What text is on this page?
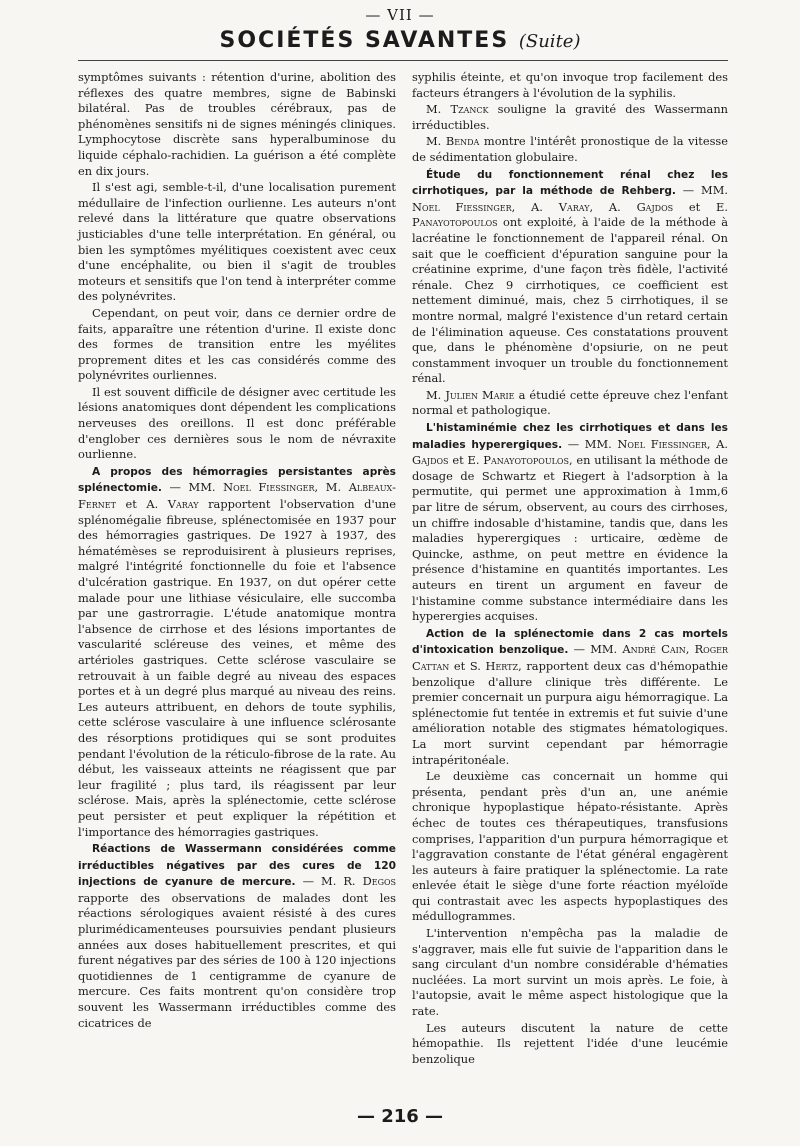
— VII —
SOCIÉTÉS SAVANTES (Suite)

symptômes suivants : rétention d'urine, abolition des réflexes des quatre membres, signe de Babinski bilatéral. Pas de troubles cérébraux, pas de phénomènes sensitifs ni de signes méningés cliniques. Lymphocytose discrète sans hyperalbuminose du liquide céphalo-rachidien. La guérison a été complète en dix jours.

Il s'est agi, semble-t-il, d'une localisation purement médullaire de l'infection ourlienne. Les auteurs n'ont relevé dans la littérature que quatre observations justiciables d'une telle interprétation. En général, ou bien les symptômes myélitiques coexistent avec ceux d'une encéphalite, ou bien il s'agit de troubles moteurs et sensitifs que l'on tend à interpréter comme des polynévrites.

Cependant, on peut voir, dans ce dernier ordre de faits, apparaître une rétention d'urine. Il existe donc des formes de transition entre les myélites proprement dites et les cas considérés comme des polynévrites ourliennes.

Il est souvent difficile de désigner avec certitude les lésions anatomiques dont dépendent les complications nerveuses des oreillons. Il est donc préférable d'englober ces dernières sous le nom de névraxite ourlienne.

A propos des hémorragies persistantes après splénectomie. — MM. Noel Fiessinger, M. Albeaux-Fernet et A. Varay rapportent l'observation d'une splénomégalie fibreuse, splénectomisée en 1937 pour des hémorragies gastriques. De 1927 à 1937, des hématémèses se reproduisirent à plusieurs reprises, malgré l'intégrité fonctionnelle du foie et l'absence d'ulcération gastrique. En 1937, on dut opérer cette malade pour une lithiase vésiculaire, elle succomba par une gastrorragie. L'étude anatomique montra l'absence de cirrhose et des lésions importantes de vascularité scléreuse des veines, et même des artérioles gastriques. Cette sclérose vasculaire se retrouvait à un faible degré au niveau des espaces portes et à un degré plus marqué au niveau des reins. Les auteurs attribuent, en dehors de toute syphilis, cette sclérose vasculaire à une influence sclérosante des résorptions protidiques qui se sont produites pendant l'évolution de la réticulo-fibrose de la rate. Au début, les vaisseaux atteints ne réagissent que par leur fragilité ; plus tard, ils réagissent par leur sclérose. Mais, après la splénectomie, cette sclérose peut persister et peut expliquer la répétition et l'importance des hémorragies gastriques.

Réactions de Wassermann considérées comme irréductibles négatives par des cures de 120 injections de cyanure de mercure. — M. R. Degos rapporte des observations de malades dont les réactions sérologiques avaient résisté à des cures plurimédicamenteuses poursuivies pendant plusieurs années aux doses habituellement prescrites, et qui furent négatives par des séries de 100 à 120 injections quotidiennes de 1 centigramme de cyanure de mercure. Ces faits montrent qu'on considère trop souvent les Wassermann irréductibles comme des cicatrices de

syphilis éteinte, et qu'on invoque trop facilement des facteurs étrangers à l'évolution de la syphilis.

M. Tzanck souligne la gravité des Wassermann irréductibles.

M. Benda montre l'intérêt pronostique de la vitesse de sédimentation globulaire.

Étude du fonctionnement rénal chez les cirrhotiques, par la méthode de Rehberg. — MM. Noel Fiessinger, A. Varay, A. Gajdos et E. Panayotopoulos ont exploité, à l'aide de la méthode à lacréatine le fonctionnement de l'appareil rénal. On sait que le coefficient d'épuration sanguine pour la créatinine exprime, d'une façon très fidèle, l'activité rénale. Chez 9 cirrhotiques, ce coefficient est nettement diminué, mais, chez 5 cirrhotiques, il se montre normal, malgré l'existence d'un retard certain de l'élimination aqueuse. Ces constatations prouvent que, dans le phénomène d'opsiurie, on ne peut constamment invoquer un trouble du fonctionnement rénal.

M. Julien Marie a étudié cette épreuve chez l'enfant normal et pathologique.

L'histaminémie chez les cirrhotiques et dans les maladies hyperergiques. — MM. Noel Fiessinger, A. Gajdos et E. Panayotopoulos, en utilisant la méthode de dosage de Schwartz et Riegert à l'adsorption à la permutite, qui permet une approximation à 1mm,6 par litre de sérum, observent, au cours des cirrhoses, un chiffre indosable d'histamine, tandis que, dans les maladies hyperergiques : urticaire, œdème de Quincke, asthme, on peut mettre en évidence la présence d'histamine en quantités importantes. Les auteurs en tirent un argument en faveur de l'histamine comme substance intermédiaire dans les hyperergies acquises.

Action de la splénectomie dans 2 cas mortels d'intoxication benzolique. — MM. André Cain, Roger Cattan et S. Hertz, rapportent deux cas d'hémopathie benzolique d'allure clinique très différente. Le premier concernait un purpura aigu hémorragique. La splénectomie fut tentée in extremis et fut suivie d'une amélioration notable des stigmates hématologiques. La mort survint cependant par hémorragie intrapéritonéale.

Le deuxième cas concernait un homme qui présenta, pendant près d'un an, une anémie chronique hypoplastique hépato-résistante. Après échec de toutes ces thérapeutiques, transfusions comprises, l'apparition d'un purpura hémorragique et l'aggravation constante de l'état général engagèrent les auteurs à faire pratiquer la splénectomie. La rate enlevée était le siège d'une forte réaction myéloïde qui contrastait avec les aspects hypoplastiques des médullogrammes.

L'intervention n'empêcha pas la maladie de s'aggraver, mais elle fut suivie de l'apparition dans le sang circulant d'un nombre considérable d'hématies nucléées. La mort survint un mois après. Le foie, à l'autopsie, avait le même aspect histologique que la rate.

Les auteurs discutent la nature de cette hémopathie. Ils rejettent l'idée d'une leucémie benzolique

— 216 —
